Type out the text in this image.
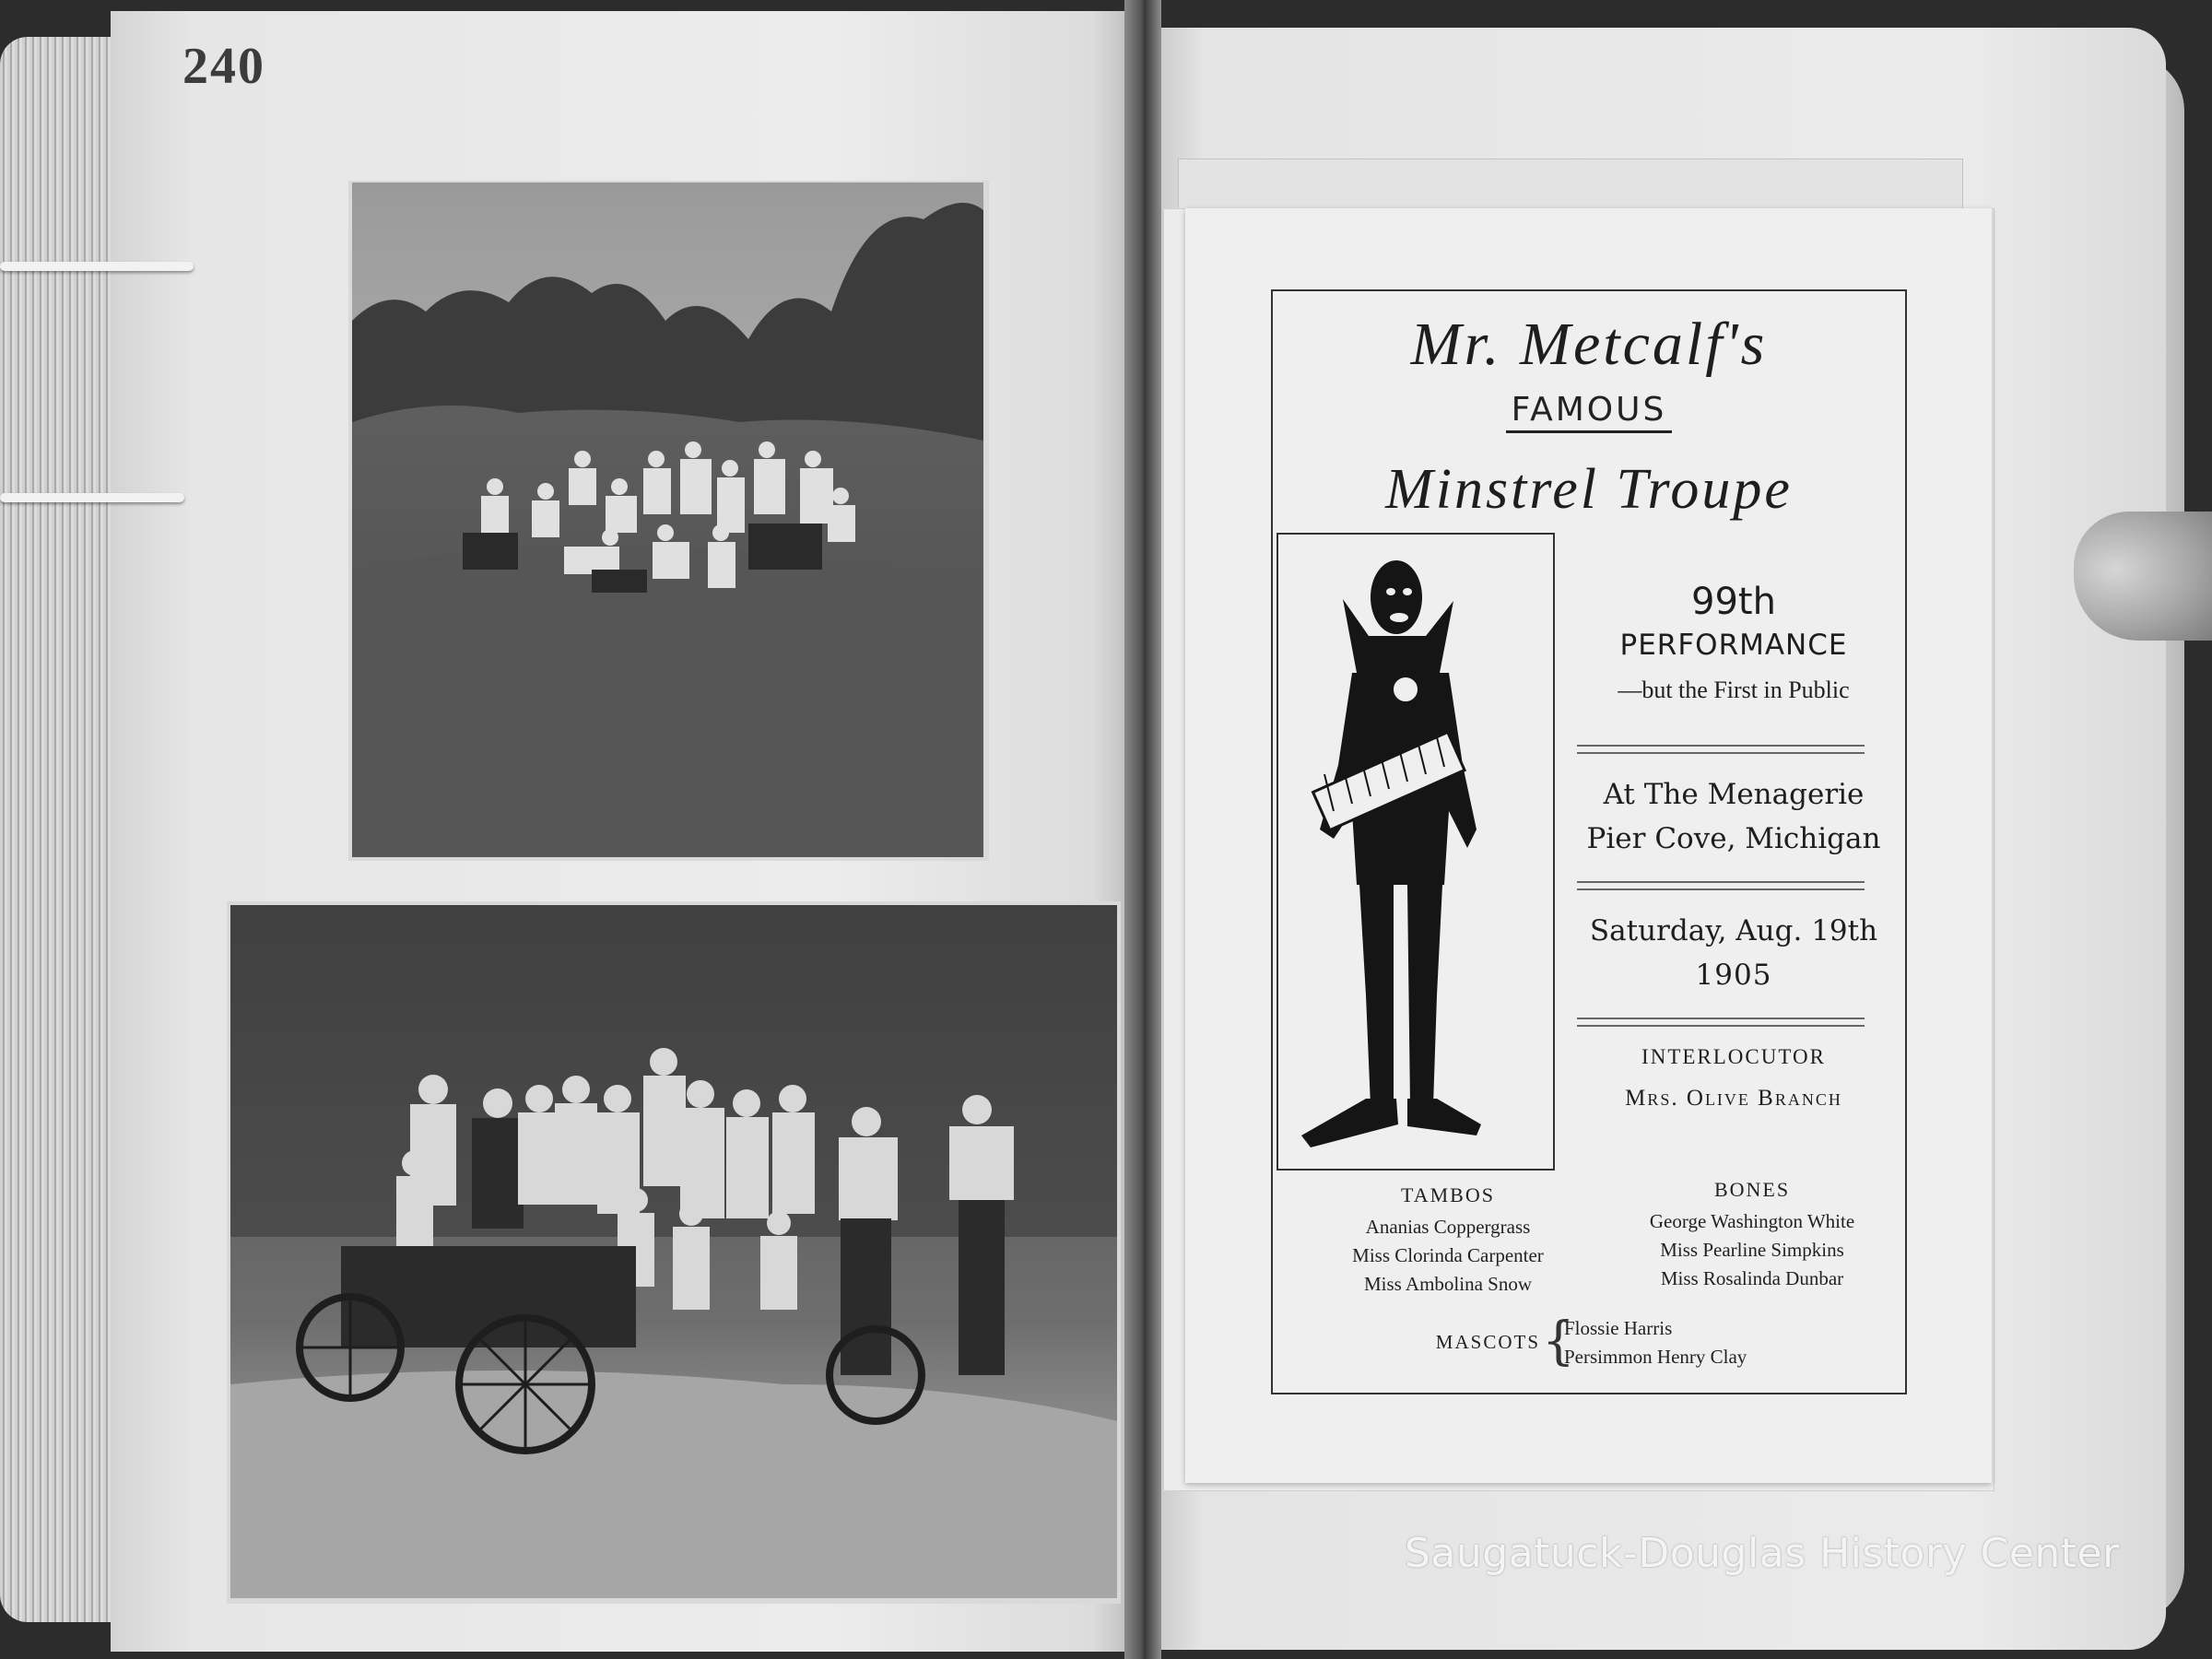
240
Mr. Metcalf's
FAMOUS
Minstrel Troupe
99th
PERFORMANCE
—but the First in Public
At The Menagerie
Pier Cove, Michigan
Saturday, Aug. 19th
1905
INTERLOCUTOR
Mrs. Olive Branch
TAMBOS
Ananias Coppergrass
Miss Clorinda Carpenter
Miss Ambolina Snow
BONES
George Washington White
Miss Pearline Simpkins
Miss Rosalinda Dunbar
MASCOTS {
Flossie Harris
Persimmon Henry Clay
Saugatuck-Douglas History Center
